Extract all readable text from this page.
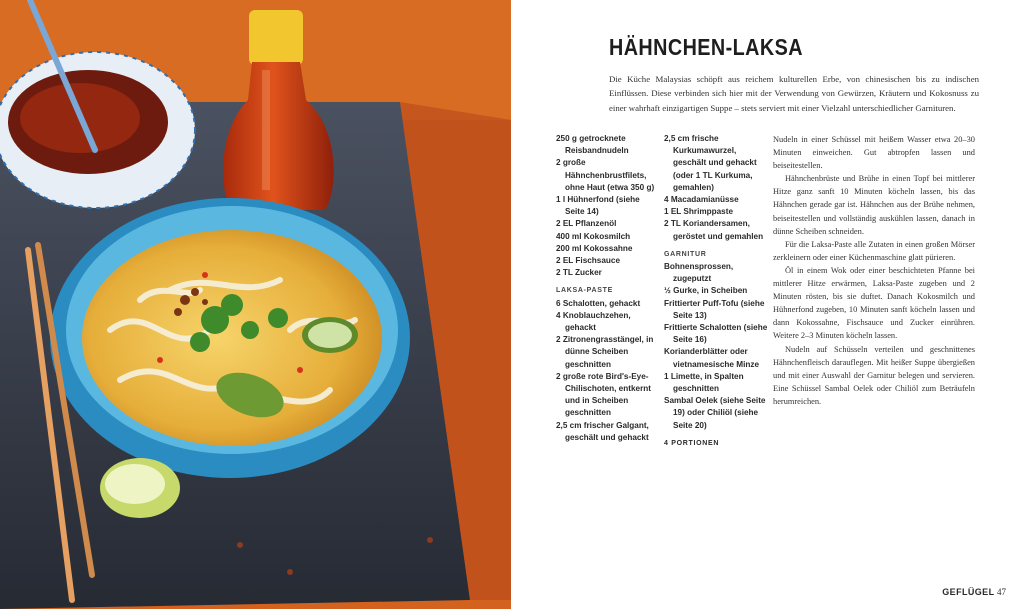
HÄHNCHEN-LAKSA
Die Küche Malaysias schöpft aus reichem kulturellen Erbe, von chinesischen bis zu indischen Einflüssen. Diese verbinden sich hier mit der Verwendung von Gewürzen, Kräutern und Kokosnuss zu einer wahrhaft einzigartigen Suppe – stets serviert mit einer Vielzahl unterschiedlicher Garnituren.

250 g getrocknete Reisbandnudeln

2 große Hähnchenbrustfilets, ohne Haut (etwa 350 g)

1 l Hühnerfond (siehe Seite 14)

2 EL Pflanzenöl

400 ml Kokosmilch

200 ml Kokossahne

2 EL Fischsauce

2 TL Zucker

LAKSA-PASTE

6 Schalotten, gehackt

4 Knoblauchzehen, gehackt

2 Zitronengrasstängel, in dünne Scheiben geschnitten

2 große rote Bird's-Eye-Chilischoten, entkernt und in Scheiben geschnitten

2,5 cm frischer Galgant, geschält und gehackt

2,5 cm frische Kurkumawurzel, geschält und gehackt (oder 1 TL Kurkuma, gemahlen)

4 Macadamianüsse

1 EL Shrimppaste

2 TL Koriandersamen, geröstet und gemahlen

GARNITUR

Bohnensprossen, zugeputzt

½ Gurke, in Scheiben

Frittierter Puff-Tofu (siehe Seite 13)

Frittierte Schalotten (siehe Seite 16)

Korianderblätter oder vietnamesische Minze

1 Limette, in Spalten geschnitten

Sambal Oelek (siehe Seite 19) oder Chiliöl (siehe Seite 20)

4 PORTIONEN

Nudeln in einer Schüssel mit heißem Wasser etwa 20–30 Minuten einweichen. Gut abtropfen lassen und beiseitestellen.

Hähnchenbrüste und Brühe in einen Topf bei mittlerer Hitze ganz sanft 10 Minuten köcheln lassen, bis das Hähnchen gerade gar ist. Hähnchen aus der Brühe nehmen, beiseitestellen und vollständig auskühlen lassen, danach in dünne Scheiben schneiden.

Für die Laksa-Paste alle Zutaten in einen großen Mörser zerkleinern oder einer Küchenmaschine glatt pürieren.

Öl in einem Wok oder einer beschichteten Pfanne bei mittlerer Hitze erwärmen, Laksa-Paste zugeben und 2 Minuten rösten, bis sie duftet. Danach Kokosmilch und Hühnerfond zugeben, 10 Minuten sanft köcheln lassen und dann Kokossahne, Fischsauce und Zucker einrühren. Weitere 2–3 Minuten köcheln lassen.

Nudeln auf Schüsseln verteilen und geschnittenes Hähnchenfleisch darauflegen. Mit heißer Suppe übergießen und mit einer Auswahl der Garnitur belegen und servieren. Eine Schüssel Sambal Oelek oder Chiliöl zum Beträufeln herumreichen.

GEFLÜGEL 47
